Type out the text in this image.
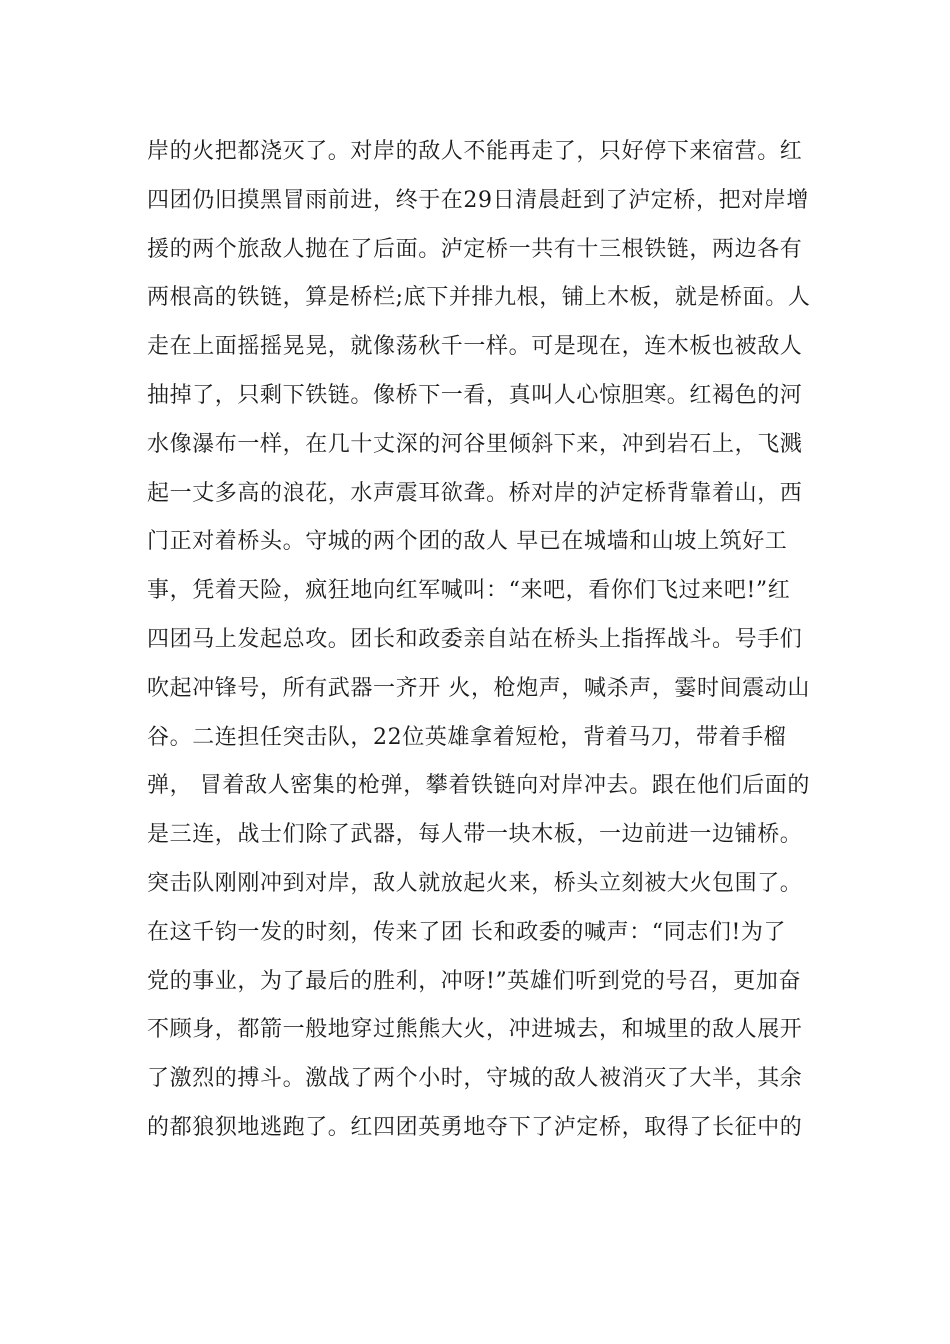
岸的火把都浇灭了。对岸的敌人不能再走了，只好停下来宿营。红
四团仍旧摸黑冒雨前进，终于在29日清晨赶到了泸定桥，把对岸增
援的两个旅敌人抛在了后面。泸定桥一共有十三根铁链，两边各有
两根高的铁链，算是桥栏;底下并排九根，铺上木板，就是桥面。人
走在上面摇摇晃晃，就像荡秋千一样。可是现在，连木板也被敌人
抽掉了，只剩下铁链。像桥下一看，真叫人心惊胆寒。红褐色的河
水像瀑布一样，在几十丈深的河谷里倾斜下来，冲到岩石上，飞溅
起一丈多高的浪花，水声震耳欲聋。桥对岸的泸定桥背靠着山，西
门正对着桥头。守城的两个团的敌人 早已在城墙和山坡上筑好工
事，凭着天险，疯狂地向红军喊叫：“来吧，看你们飞过来吧!”红
四团马上发起总攻。团长和政委亲自站在桥头上指挥战斗。号手们
吹起冲锋号，所有武器一齐开 火，枪炮声，喊杀声，霎时间震动山
谷。二连担任突击队，22位英雄拿着短枪，背着马刀，带着手榴
弹， 冒着敌人密集的枪弹，攀着铁链向对岸冲去。跟在他们后面的
是三连，战士们除了武器，每人带一块木板，一边前进一边铺桥。
突击队刚刚冲到对岸，敌人就放起火来，桥头立刻被大火包围了。
在这千钧一发的时刻，传来了团 长和政委的喊声：“同志们!为了
党的事业，为了最后的胜利，冲呀!”英雄们听到党的号召，更加奋
不顾身，都箭一般地穿过熊熊大火，冲进城去，和城里的敌人展开
了激烈的搏斗。激战了两个小时，守城的敌人被消灭了大半，其余
的都狼狈地逃跑了。红四团英勇地夺下了泸定桥，取得了长征中的
